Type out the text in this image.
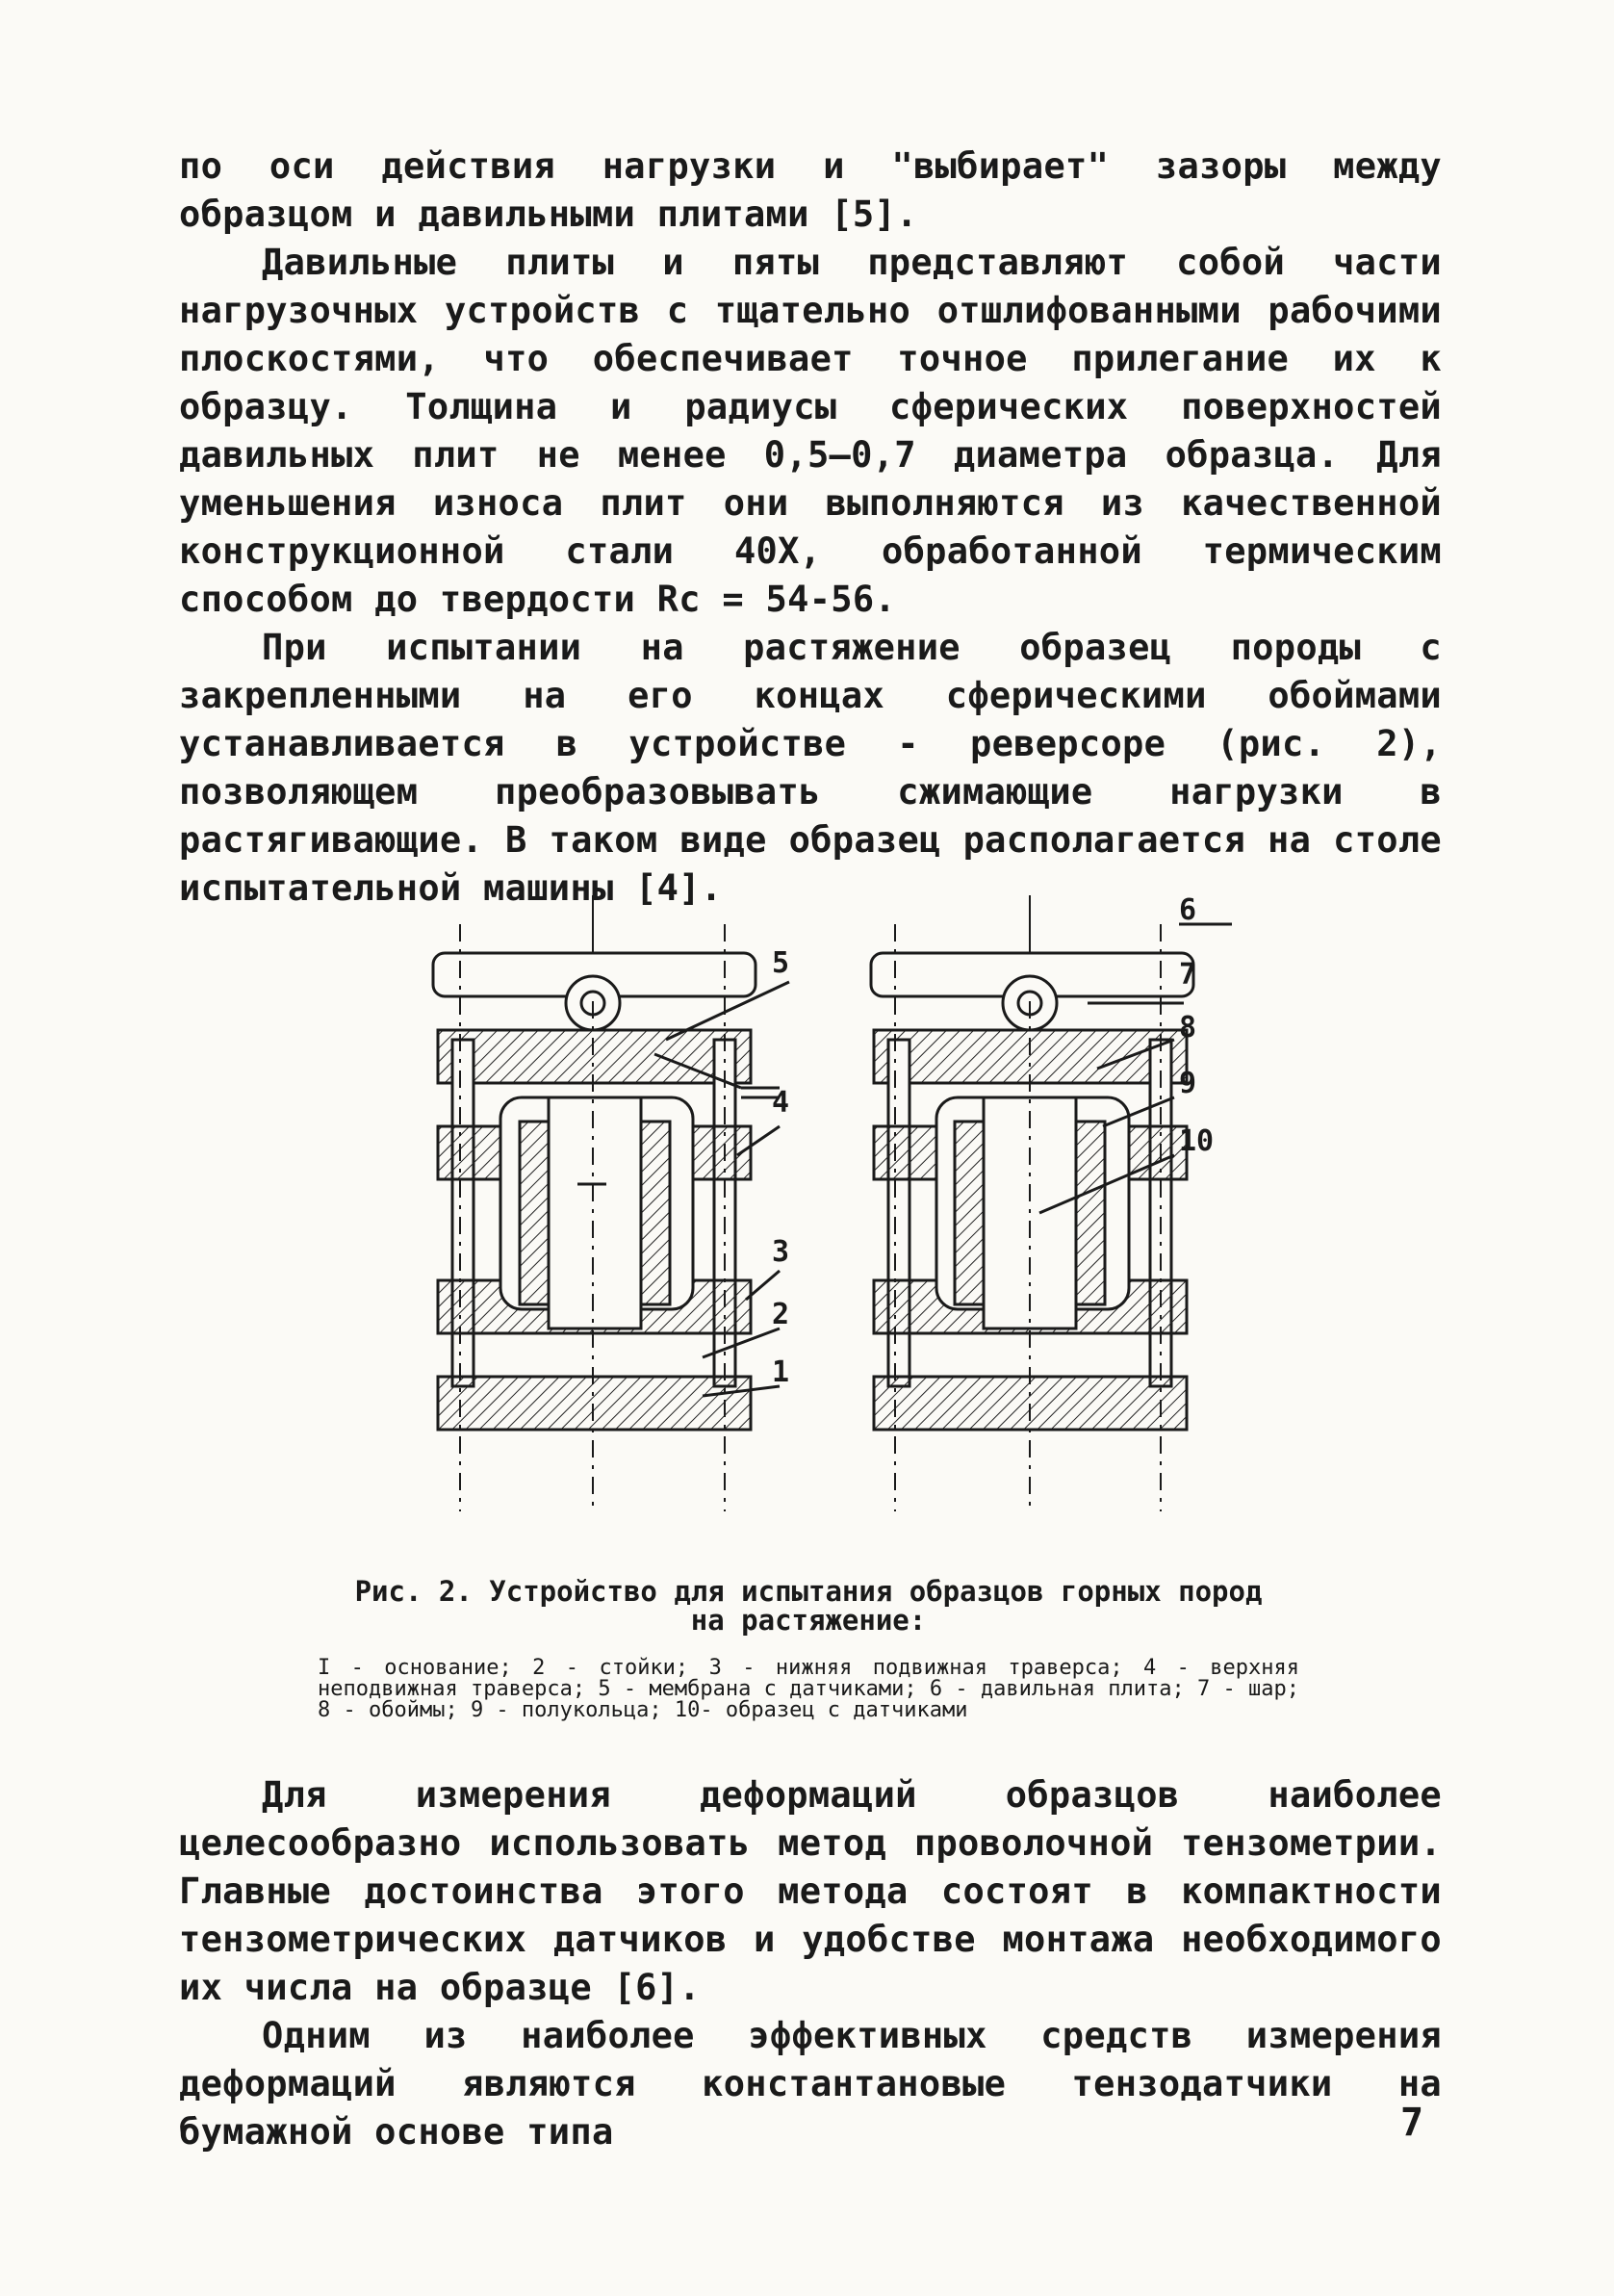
по оси действия нагрузки и "выбирает" зазоры между образцом и давильными плитами [5].

Давильные плиты и пяты представляют собой части нагрузочных устройств с тщательно отшлифованными рабочими плоскостями, что обеспечивает точное прилегание их к образцу. Толщина и радиусы сферических поверхностей давильных плит не менее 0,5–0,7 диаметра образца. Для уменьшения износа плит они выполняются из качественной конструкционной стали 40Х, обработанной термическим способом до твердости Rc = 54-56.

При испытании на растяжение образец породы с закрепленными на его концах сферическими обоймами устанавливается в устройстве - реверсоре (рис. 2), позволяющем преобразовывать сжимающие нагрузки в растягивающие. В таком виде образец располагается на столе испытательной машины [4].

5
4
3
2
1
6
7
8
9
10
Рис. 2. Устройство для испытания образцов горных пород
на растяжение:
I - основание; 2 - стойки; 3 - нижняя подвижная траверса; 4 - верхняя неподвижная траверса; 5 - мембрана с датчиками; 6 - давильная плита; 7 - шар; 8 - обоймы; 9 - полукольца; 10- образец с датчиками

Для измерения деформаций образцов наиболее целесообразно использовать метод проволочной тензометрии. Главные достоинства этого метода состоят в компактности тензометрических датчиков и удобстве монтажа необходимого их числа на образце [6].

Одним из наиболее эффективных средств измерения деформаций являются константановые тензодатчики на бумажной основе типа	7
